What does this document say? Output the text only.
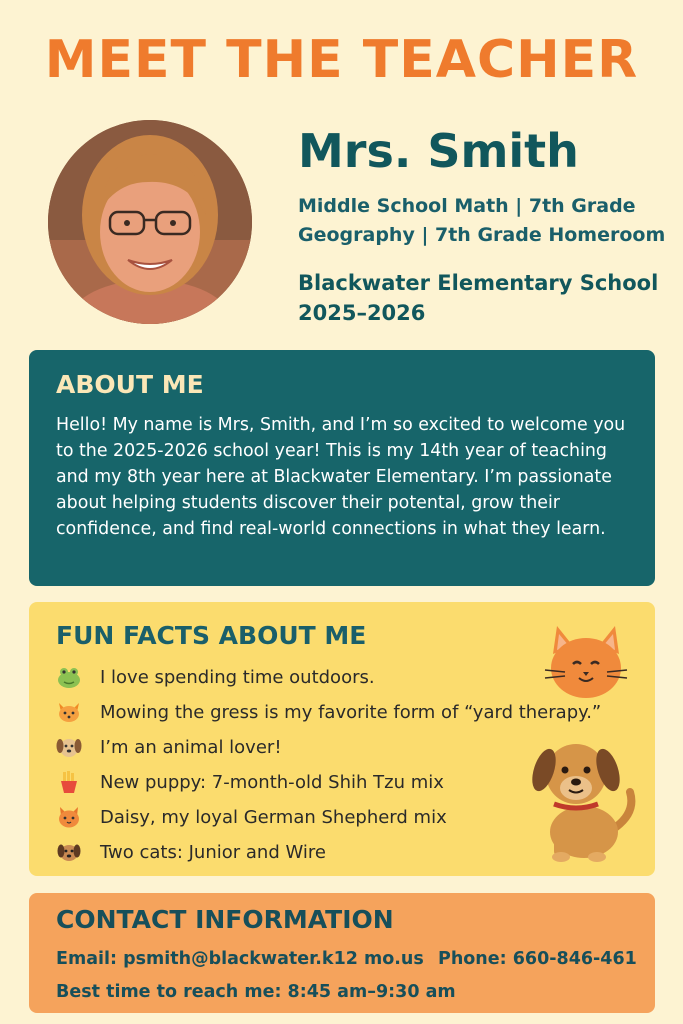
MEET THE TEACHER
Mrs. Smith
Middle School Math | 7th Grade Geography | 7th Grade Homeroom
Blackwater Elementary School
2025–2026
ABOUT ME

Hello! My name is Mrs, Smith, and I’m so excited to welcome you to the 2025-2026 school year! This is my 14th year of teaching and my 8th year here at Blackwater Elementary. I’m passionate about helping students discover their potental, grow their confidence, and find real-world connections in what they learn.

FUN FACTS ABOUT ME
I love spending time outdoors.
Mowing the gress is my favorite form of “yard therapy.”
I’m an animal lover!
New puppy: 7-month-old Shih Tzu mix
Daisy, my loyal German Shepherd mix
Two cats: Junior and Wire
CONTACT INFORMATION
Email: psmith@blackwater.k12 mo.us Phone: 660-846-461
Best time to reach me: 8:45 am–9:30 am
